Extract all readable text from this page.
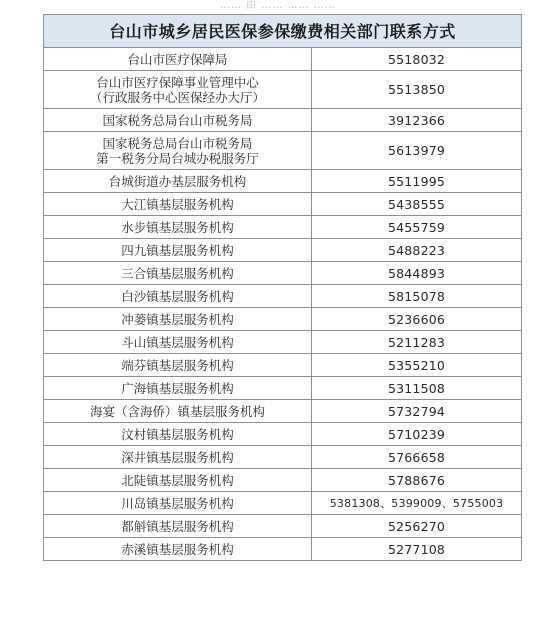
…… 由 …… …… ……
台山市城乡居民医保参保缴费相关部门联系方式	

台山市医疗保障局	5518032

台山市医疗保障事业管理中心
（行政服务中心医保经办大厅）	5513850

国家税务总局台山市税务局	3912366

国家税务总局台山市税务局
第一税务分局台城办税服务厅	5613979

台城街道办基层服务机构	5511995

大江镇基层服务机构	5438555

水步镇基层服务机构	5455759

四九镇基层服务机构	5488223

三合镇基层服务机构	5844893

白沙镇基层服务机构	5815078

冲蒌镇基层服务机构	5236606

斗山镇基层服务机构	5211283

端芬镇基层服务机构	5355210

广海镇基层服务机构	5311508

海宴（含海侨）镇基层服务机构	5732794

汶村镇基层服务机构	5710239

深井镇基层服务机构	5766658

北陡镇基层服务机构	5788676

川岛镇基层服务机构	5381308、5399009、5755003

都斛镇基层服务机构	5256270

赤溪镇基层服务机构	5277108
